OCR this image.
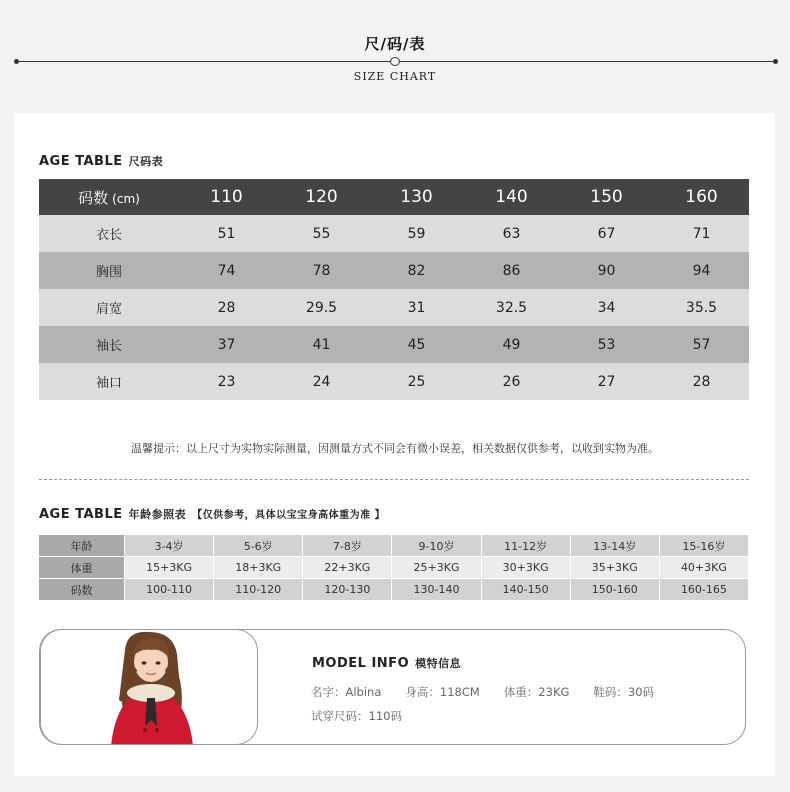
尺/码/表
SIZE CHART
AGE TABLE 尺码表
码数 (cm)	110	120	130	140	150	160
衣长	51	55	59	63	67	71
胸围	74	78	82	86	90	94
肩宽	28	29.5	31	32.5	34	35.5
袖长	37	41	45	49	53	57
袖口	23	24	25	26	27	28
温馨提示：以上尺寸为实物实际测量，因测量方式不同会有微小误差，相关数据仅供参考，以收到实物为准。
AGE TABLE 年龄参照表 【仅供参考，具体以宝宝身高体重为准 】
年龄	3-4岁	5-6岁	7-8岁	9-10岁	11-12岁	13-14岁	15-16岁
体重	15+3KG	18+3KG	22+3KG	25+3KG	30+3KG	35+3KG	40+3KG
码数	100-110	110-120	120-130	130-140	140-150	150-160	160-165
MODEL INFO 模特信息
名字：Albina 身高：118CM 体重：23KG 鞋码：30码
试穿尺码：110码
